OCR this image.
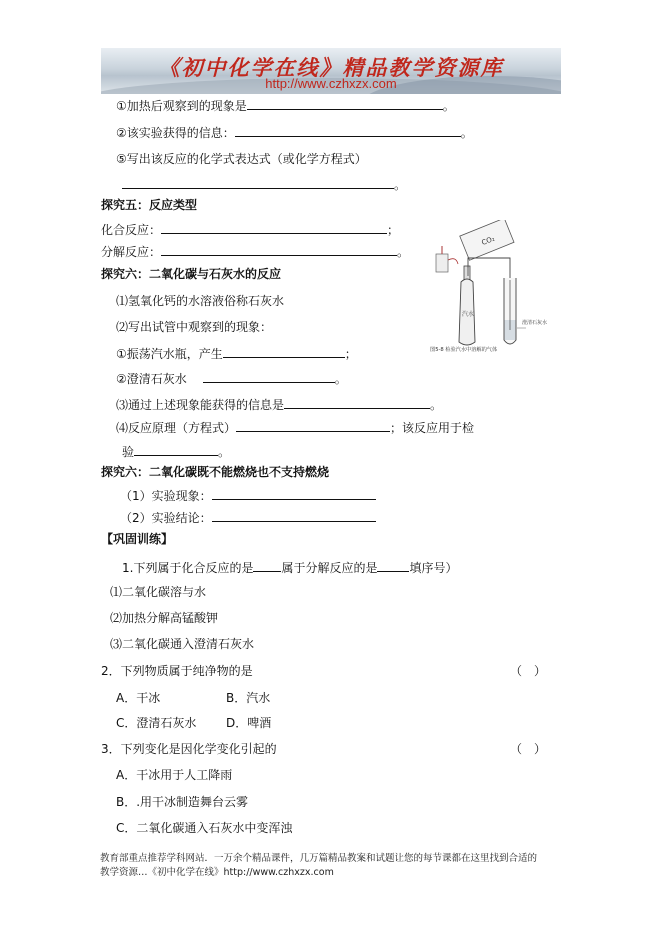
《初中化学在线》精品教学资源库
http://www.czhxzx.com
①加热后观察到的现象是	。
②该实验获得的信息：	。
⑤写出该反应的化学式表达式（或化学方程式）
。
探究五：反应类型
化合反应：	；
分解反应：	。
CO₂
汽水
澄清石灰水
图5-8 检验汽水中溶解的气体
探究六：二氧化碳与石灰水的反应
⑴氢氧化钙的水溶液俗称石灰水
⑵写出试管中观察到的现象：
①振荡汽水瓶，产生	；
②澄清石灰水	。
⑶通过上述现象能获得的信息是	。
⑷反应原理（方程式）	；该反应用于检
验	。
探究六：二氧化碳既不能燃烧也不支持燃烧
（1）实验现象：
（2）实验结论：
【巩固训练】
1.下列属于化合反应的是 属于分解反应的是	填序号）
⑴二氧化碳溶与水
⑵加热分解高锰酸钾
⑶二氧化碳通入澄清石灰水
2．下列物质属于纯净物的是	（　）
A．干冰	B．汽水
C．澄清石灰水 D．啤酒
3．下列变化是因化学变化引起的	（　）
A．干冰用于人工降雨
B．.用干冰制造舞台云雾
C．二氧化碳通入石灰水中变浑浊
教育部重点推荐学科网站．一万余个精品课件，几万篇精品教案和试题让您的每节课都在这里找到合适的
教学资源…《初中化学在线》http://www.czhxzx.com
